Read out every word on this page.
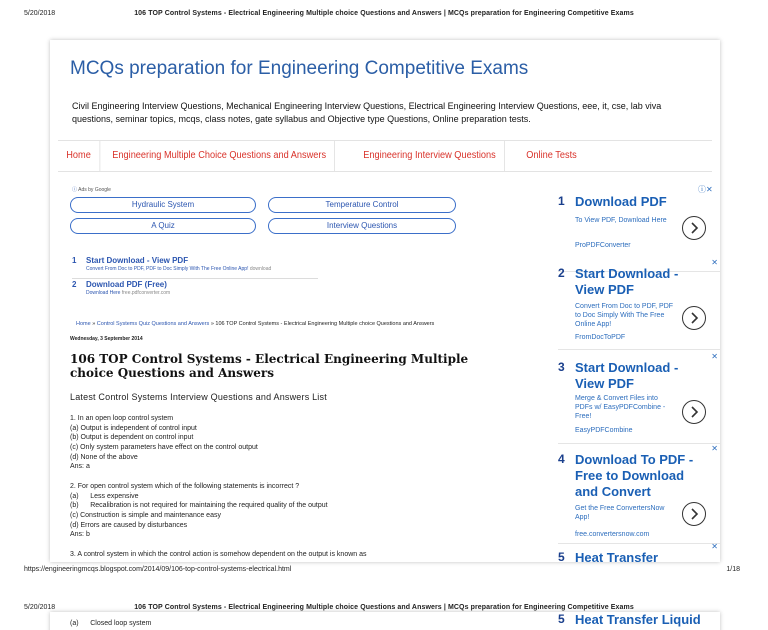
5/20/2018	106 TOP Control Systems - Electrical Engineering Multiple choice Questions and Answers | MCQs preparation for Engineering Competitive Exams
MCQs preparation for Engineering Competitive Exams
Civil Engineering Interview Questions, Mechanical Engineering Interview Questions, Electrical Engineering Interview Questions, eee, it, cse, lab viva questions, seminar topics, mcqs, class notes, gate syllabus and Objective type Questions, Online preparation tests.
Home	Engineering Multiple Choice Questions and Answers	Engineering Interview Questions	Online Tests
ⓘ Ads by Google
Hydraulic System	Temperature Control
A Quiz	Interview Questions
1 Start Download - View PDF
Convert From Doc to PDF, PDF to Doc Simply With The Free Online App! download
2 Download PDF (Free)
Download Here free.pdfconverter.com
Home » Control Systems Quiz Questions and Answers » 106 TOP Control Systems - Electrical Engineering Multiple choice Questions and Answers
Wednesday, 3 September 2014
106 TOP Control Systems - Electrical Engineering Multiple choice Questions and Answers
Latest Control Systems Interview Questions and Answers List
1. In an open loop control system
(a) Output is independent of control input
(b) Output is dependent on control input
(c) Only system parameters have effect on the control output
(d) None of the above
Ans: a
2. For open control system which of the following statements is incorrect ?
(a)      Less expensive
(b)      Recalibration is not required for maintaining the required quality of the output
(c) Construction is simple and maintenance easy
(d) Errors are caused by disturbances
Ans: b
3. A control system in which the control action is somehow dependent on the output is known as
ⓘ✕
1 Download PDF
To View PDF, Download Here
ProPDFConverter
✕
2 Start Download - View PDF
Convert From Doc to PDF, PDF to Doc Simply With The Free Online App!
FromDocToPDF
✕
3 Start Download - View PDF
Merge & Convert Files into PDFs w/ EasyPDFCombine - Free!
EasyPDFCombine
✕
4 Download To PDF - Free to Download and Convert
Get the Free ConvertersNow App!
free.convertersnow.com
✕
5 Heat Transfer
https://engineeringmcqs.blogspot.com/2014/09/106-top-control-systems-electrical.html	1/18
5/20/2018	106 TOP Control Systems - Electrical Engineering Multiple choice Questions and Answers | MCQs preparation for Engineering Competitive Exams
(a)      Closed loop system	5 Heat Transfer Liquid
